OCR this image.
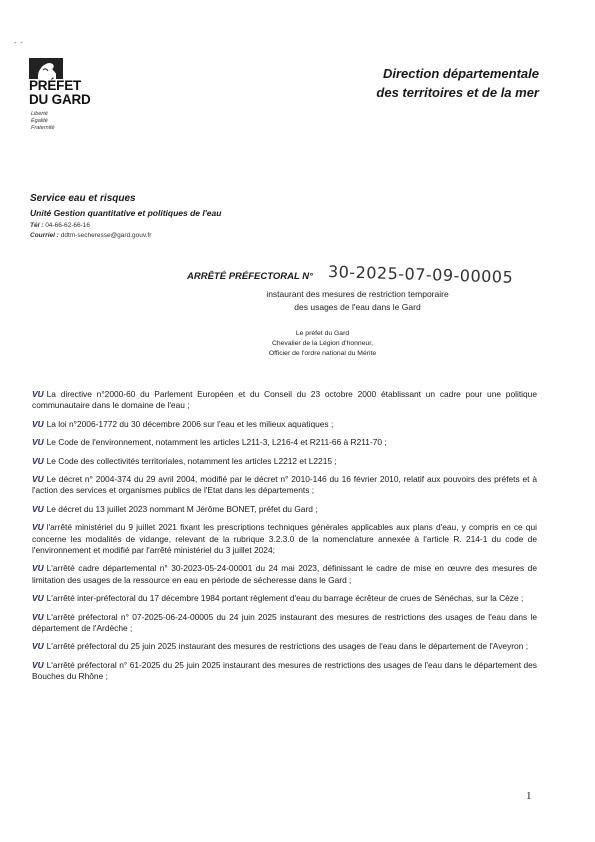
- -
PRÉFET
DU GARD
Liberté
Égalité
Fraternité
Direction départementale
des territoires et de la mer
Service eau et risques
Unité Gestion quantitative et politiques de l'eau
Tél : 04-66-62-66-16
Courriel : ddtm-secheresse@gard.gouv.fr
ARRÊTÉ PRÉFECTORAL N° 30-2025-07-09-00005
instaurant des mesures de restriction temporaire
des usages de l'eau dans le Gard
Le préfet du Gard
Chevalier de la Légion d'honneur,
Officier de l'ordre national du Mérite
VU La directive n°2000-60 du Parlement Européen et du Conseil du 23 octobre 2000 établissant un cadre pour une politique communautaire dans le domaine de l'eau ;
VU La loi n°2006-1772 du 30 décembre 2006 sur l'eau et les milieux aquatiques ;
VU Le Code de l'environnement, notamment les articles L211-3, L216-4 et R211-66 à R211-70 ;
VU Le Code des collectivités territoriales, notamment les articles L2212 et L2215 ;
VU Le décret n° 2004-374 du 29 avril 2004, modifié par le décret n° 2010-146 du 16 février 2010, relatif aux pouvoirs des préfets et à l'action des services et organismes publics de l'Etat dans les départements ;
VU Le décret du 13 juillet 2023 nommant M Jérôme BONET, préfet du Gard ;
VU l'arrêté ministériel du 9 juillet 2021 fixant les prescriptions techniques générales applicables aux plans d'eau, y compris en ce qui concerne les modalités de vidange, relevant de la rubrique 3.2.3.0 de la nomenclature annexée à l'article R. 214-1 du code de l'environnement et modifié par l'arrêté ministériel du 3 juillet 2024;
VU L'arrêté cadre départemental n° 30-2023-05-24-00001 du 24 mai 2023, définissant le cadre de mise en œuvre des mesures de limitation des usages de la ressource en eau en période de sécheresse dans le Gard ;
VU L'arrêté inter-préfectoral du 17 décembre 1984 portant règlement d'eau du barrage écrêteur de crues de Sénéchas, sur la Cèze ;
VU L'arrêté préfectoral n° 07-2025-06-24-00005 du 24 juin 2025 instaurant des mesures de restrictions des usages de l'eau dans le département de l'Ardèche ;
VU L'arrêté préfectoral du 25 juin 2025 instaurant des mesures de restrictions des usages de l'eau dans le département de l'Aveyron ;
VU L'arrêté préfectoral n° 61-2025 du 25 juin 2025 instaurant des mesures de restrictions des usages de l'eau dans le département des Bouches du Rhône ;
1
